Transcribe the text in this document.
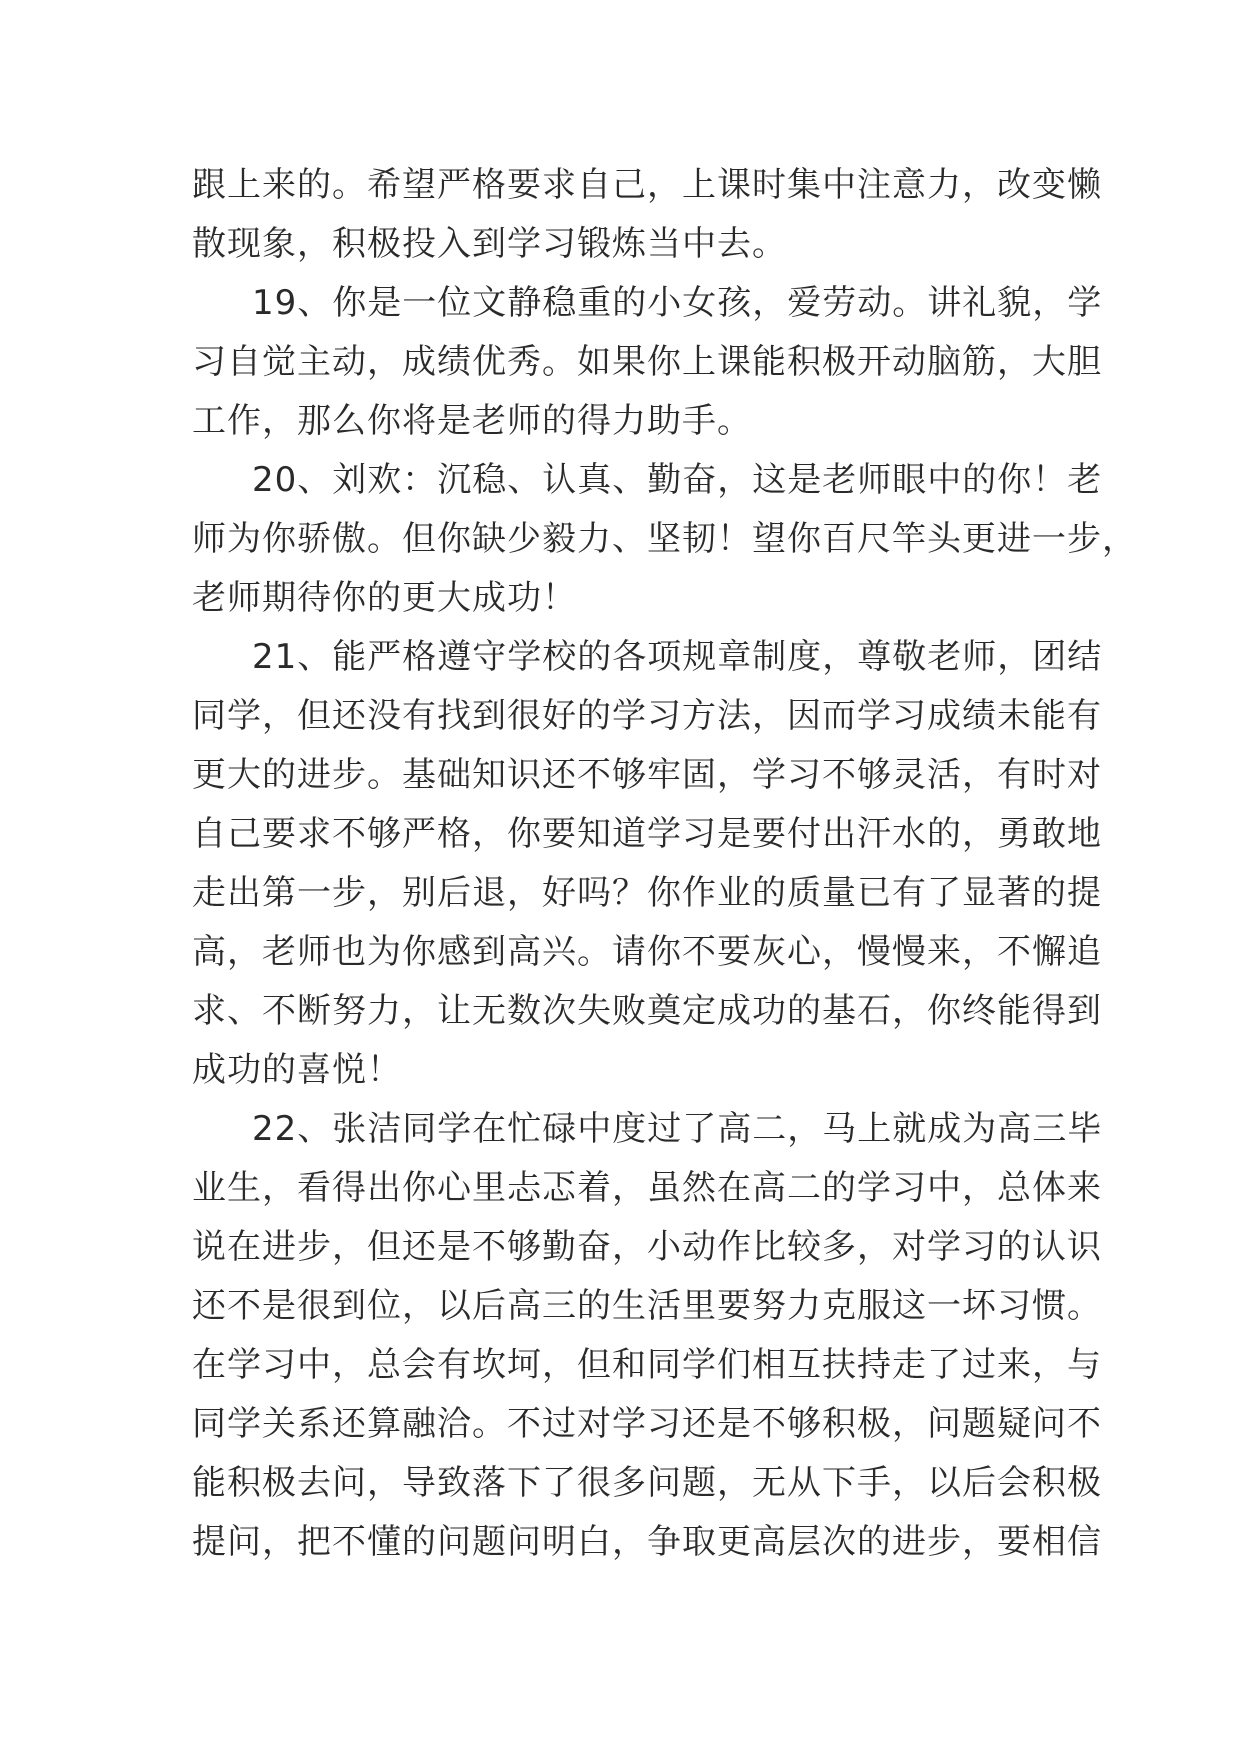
跟上来的。希望严格要求自己，上课时集中注意力，改变懒
散现象，积极投入到学习锻炼当中去。
19、你是一位文静稳重的小女孩，爱劳动。讲礼貌，学
习自觉主动，成绩优秀。如果你上课能积极开动脑筋，大胆
工作，那么你将是老师的得力助手。
20、刘欢：沉稳、认真、勤奋，这是老师眼中的你！老
师为你骄傲。但你缺少毅力、坚韧！望你百尺竿头更进一步，
老师期待你的更大成功！
21、能严格遵守学校的各项规章制度，尊敬老师，团结
同学，但还没有找到很好的学习方法，因而学习成绩未能有
更大的进步。基础知识还不够牢固，学习不够灵活，有时对
自己要求不够严格，你要知道学习是要付出汗水的，勇敢地
走出第一步，别后退，好吗？你作业的质量已有了显著的提
高，老师也为你感到高兴。请你不要灰心，慢慢来，不懈追
求、不断努力，让无数次失败奠定成功的基石，你终能得到
成功的喜悦！
22、张洁同学在忙碌中度过了高二，马上就成为高三毕
业生，看得出你心里忐忑着，虽然在高二的学习中，总体来
说在进步，但还是不够勤奋，小动作比较多，对学习的认识
还不是很到位，以后高三的生活里要努力克服这一坏习惯。
在学习中，总会有坎坷，但和同学们相互扶持走了过来，与
同学关系还算融洽。不过对学习还是不够积极，问题疑问不
能积极去问，导致落下了很多问题，无从下手，以后会积极
提问，把不懂的问题问明白，争取更高层次的进步，要相信
